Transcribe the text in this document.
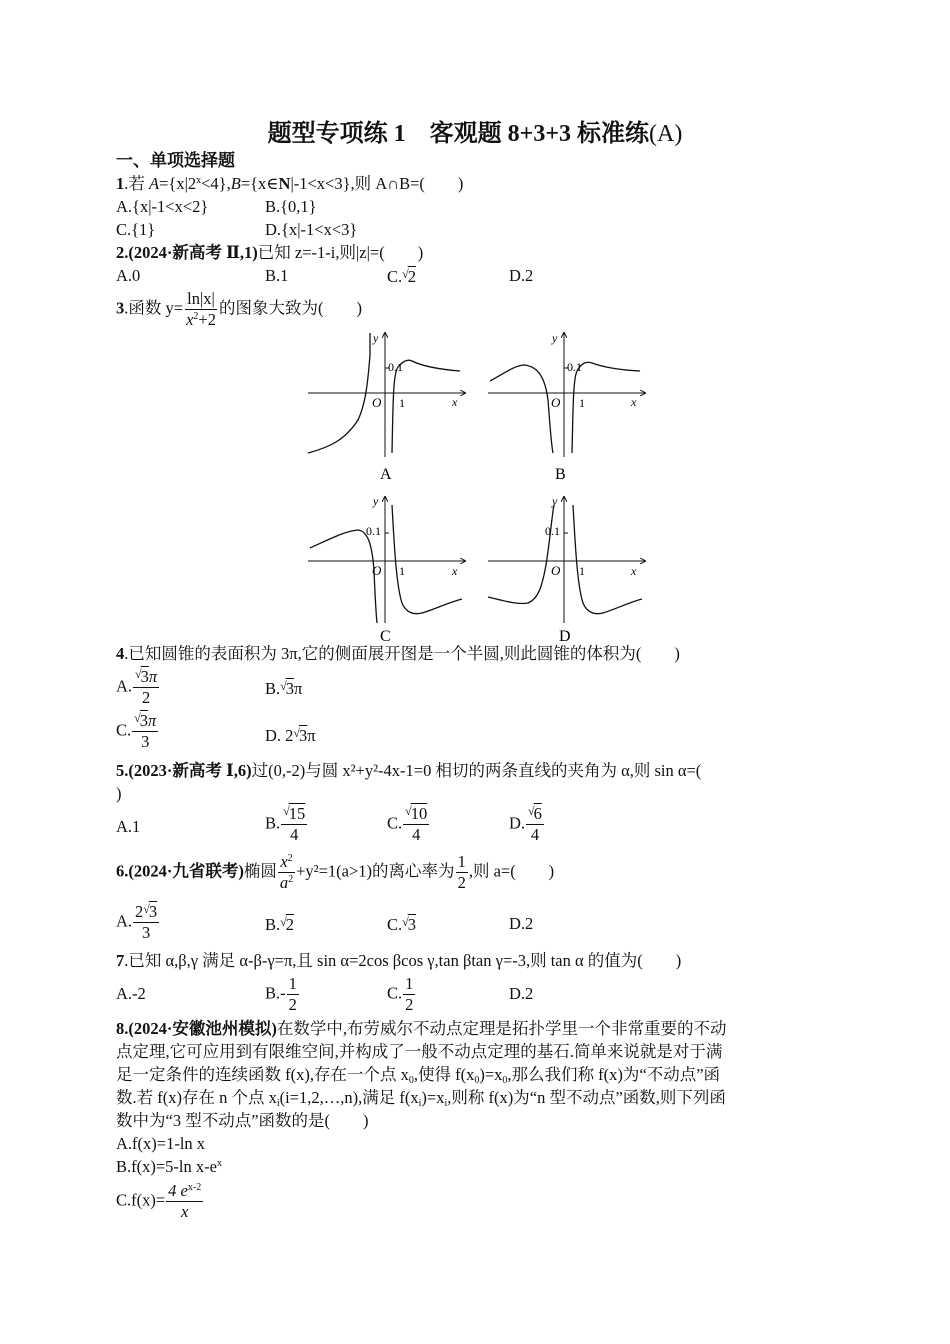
题型专项练 1　客观题 8+3+3 标准练(A)
一、单项选择题
1.若 $A=\{x|2^x<4\},B=\{x\in N|-1<x<3\}$,则 A∩B=(　　)
A.{x|-1<x<2}	B.{0,1}
C.{1}	D.{x|-1<x<3}
2.(2024·新高考 Ⅱ,1)已知 z=-1-i,则|z|=(　　)
A.0	B.1	C.√2	D.2
3.函数 $y= \frac{\ln|x|}{x^2+2}$ 的图象大致为(　　)
y
x
O 1
0.1
A
y
x
O 1
0.1
B
y
x
O 1
0.1
C
y
x
O 1
0.1
D
4.已知圆锥的表面积为 3π,它的侧面展开图是一个半圆,则此圆锥的体积为(　　)
A. $\frac{^√3\pi}{2}$	B.√3π
C. $\frac{^√3\pi}{3}$	D. 2√3π
5.(2023·新高考 Ⅰ,6)过(0,-2)与圆 x²+y²-4x-1=0 相切的两条直线的夹角为 α,则 sin α=(
)
A.1	B. $\frac{^√15}{4}$	C. $\frac{^√10}{4}$	D. $\frac{^√6}{4}$
6.(2024·九省联考)椭圆 $\frac{x^2}{a^2} +y^2=1(a>1)$的离心率为 $\frac{1}{2}$ ,则 a=(　　)
A. $\frac{2^√3}{3}$	B.√2	C.√3	D.2
7.已知 α,β,γ 满足 α-β-γ=π,且 sin α=2cos βcos γ,tan βtan γ=-3,则 tan α 的值为(　　)
A.-2	$B.- \frac{1}{2}$	C. $\frac{1}{2}$	D.2
8.(2024·安徽池州模拟)在数学中,布劳威尔不动点定理是拓扑学里一个非常重要的不动
点定理,它可应用到有限维空间,并构成了一般不动点定理的基石.简单来说就是对于满
足一定条件的连续函数 f(x),存在一个点 $x_0$,使得 $f(x_0)=x_0$,那么我们称 f(x)为“不动点”函
数.若 f(x)存在 n 个点 $x_i(i=1,2,\dots,n)$,满足 $f(x_i)=x_i$,则称 f(x)为“n 型不动点”函数,则下列函
数中为“3 型不动点”函数的是(　　)
A.f(x)=1-ln x
B.f(x)=5-ln $x-e^x$
$C.f(x)= \frac{4 e^{x-2}}{x}$
